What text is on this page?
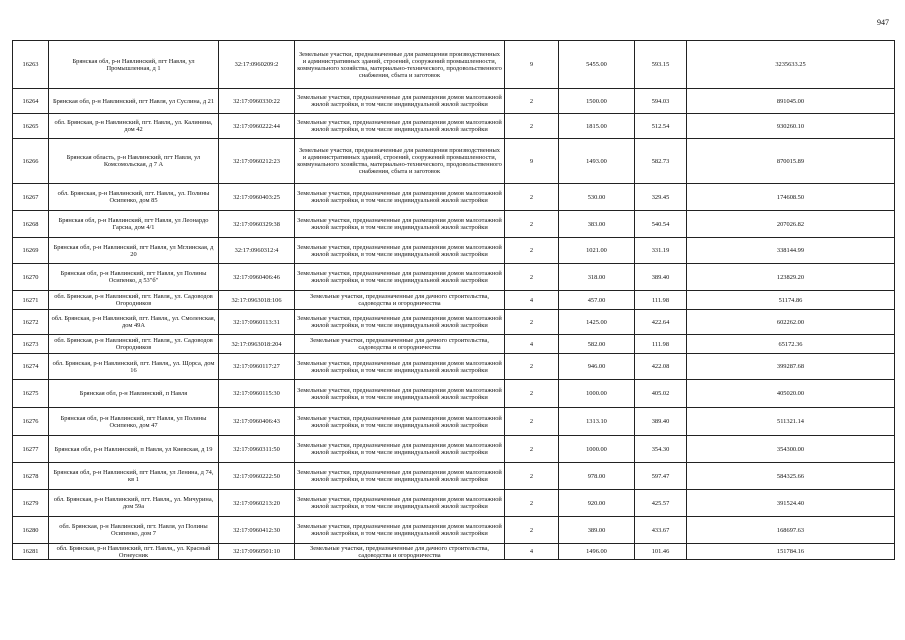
947
16263	Брянская обл, р-н Навлинский, пгт Навля, ул Промышленная, д 1	32:17:0960209:2	Земельные участки, предназначенные для размещения производственных и административных зданий, строений, сооружений промышленности, коммунального хозяйства, материально-технического, продовольственного снабжения, сбыта и заготовок	9	5455.00	593.15	3235633.25
16264	Брянская обл, р-н Навлинский, пгт Навля, ул Суслина, д 21	32:17:0960330:22	Земельные участки, предназначенные для размещения домов малоэтажной жилой застройки, в том числе индивидуальной жилой застройки	2	1500.00	594.03	891045.00
16265	обл. Брянская, р-н Навлинский, пгт. Навля,, ул. Калинина, дом 42	32:17:0960222:44	Земельные участки, предназначенные для размещения домов малоэтажной жилой застройки, в том числе индивидуальной жилой застройки	2	1815.00	512.54	930260.10
16266	Брянская область, р-н Навлинский, пгт Навля, ул Комсомольская, д 7 А	32:17:0960212:23	Земельные участки, предназначенные для размещения производственных и административных зданий, строений, сооружений промышленности, коммунального хозяйства, материально-технического, продовольственного снабжения, сбыта и заготовок	9	1493.00	582.73	870015.89
16267	обл. Брянская, р-н Навлинский, пгт. Навля,, ул. Полины Осипенко, дом 85	32:17:0960403:25	Земельные участки, предназначенные для размещения домов малоэтажной жилой застройки, в том числе индивидуальной жилой застройки	2	530.00	329.45	174608.50
16268	Брянская обл, р-н Навлинский, пгт Навля, ул Леонардо Гарсиа, дом 4/1	32:17:0960329:38	Земельные участки, предназначенные для размещения домов малоэтажной жилой застройки, в том числе индивидуальной жилой застройки	2	383.00	540.54	207026.82
16269	Брянская обл, р-н Навлинский, пгт Навля, ул Мглинская, д 20	32:17:0960312:4	Земельные участки, предназначенные для размещения домов малоэтажной жилой застройки, в том числе индивидуальной жилой застройки	2	1021.00	331.19	338144.99
16270	Брянская обл, р-н Навлинский, пгт Навля, ул Полины Осипенко, д 53"б"	32:17:0960406:46	Земельные участки, предназначенные для размещения домов малоэтажной жилой застройки, в том числе индивидуальной жилой застройки	2	318.00	389.40	123829.20
16271	обл. Брянская, р-н Навлинский, пгт. Навля,, ул. Садоводов Огородников	32:17:0963018:106	Земельные участки, предназначенные для дачного строительства, садоводства и огородничества	4	457.00	111.98	51174.86
16272	обл. Брянская, р-н Навлинский, пгт. Навля,, ул. Смоленская, дом 49А	32:17:0960113:31	Земельные участки, предназначенные для размещения домов малоэтажной жилой застройки, в том числе индивидуальной жилой застройки	2	1425.00	422.64	602262.00
16273	обл. Брянская, р-н Навлинский, пгт. Навля,, ул. Садоводов Огородников	32:17:0963018:204	Земельные участки, предназначенные для дачного строительства, садоводства и огородничества	4	582.00	111.98	65172.36
16274	обл. Брянская, р-н Навлинский, пгт. Навля,, ул. Щорса, дом 16	32:17:0960117:27	Земельные участки, предназначенные для размещения домов малоэтажной жилой застройки, в том числе индивидуальной жилой застройки	2	946.00	422.08	399287.68
16275	Брянская обл, р-н Навлинский, п Навля	32:17:0960115:30	Земельные участки, предназначенные для размещения домов малоэтажной жилой застройки, в том числе индивидуальной жилой застройки	2	1000.00	405.02	405020.00
16276	Брянская обл, р-н Навлинский, пгт Навля, ул Полины Осипенко, дом 47	32:17:0960406:43	Земельные участки, предназначенные для размещения домов малоэтажной жилой застройки, в том числе индивидуальной жилой застройки	2	1313.10	389.40	511321.14
16277	Брянская обл, р-н Навлинский, п Навля, ул Киевская, д 19	32:17:0960311:50	Земельные участки, предназначенные для размещения домов малоэтажной жилой застройки, в том числе индивидуальной жилой застройки	2	1000.00	354.30	354300.00
16278	Брянская обл, р-н Навлинский, пгт Навля, ул Ленина, д 74, кв 1	32:17:0960222:50	Земельные участки, предназначенные для размещения домов малоэтажной жилой застройки, в том числе индивидуальной жилой застройки	2	978.00	597.47	584325.66
16279	обл. Брянская, р-н Навлинский, пгт. Навля,, ул. Мичурина, дом 59а	32:17:0960213:20	Земельные участки, предназначенные для размещения домов малоэтажной жилой застройки, в том числе индивидуальной жилой застройки	2	920.00	425.57	391524.40
16280	обл. Брянская, р-н Навлинский, пгт. Навля, ул Полины Осипенко, дом 7	32:17:0960412:30	Земельные участки, предназначенные для размещения домов малоэтажной жилой застройки, в том числе индивидуальной жилой застройки	2	389.00	433.67	168697.63
16281	обл. Брянская, р-н Навлинский, пгт. Навля,, ул. Красный Огнеусник	32:17:0960501:10	Земельные участки, предназначенные для дачного строительства, садоводства и огородничества	4	1496.00	101.46	151784.16
